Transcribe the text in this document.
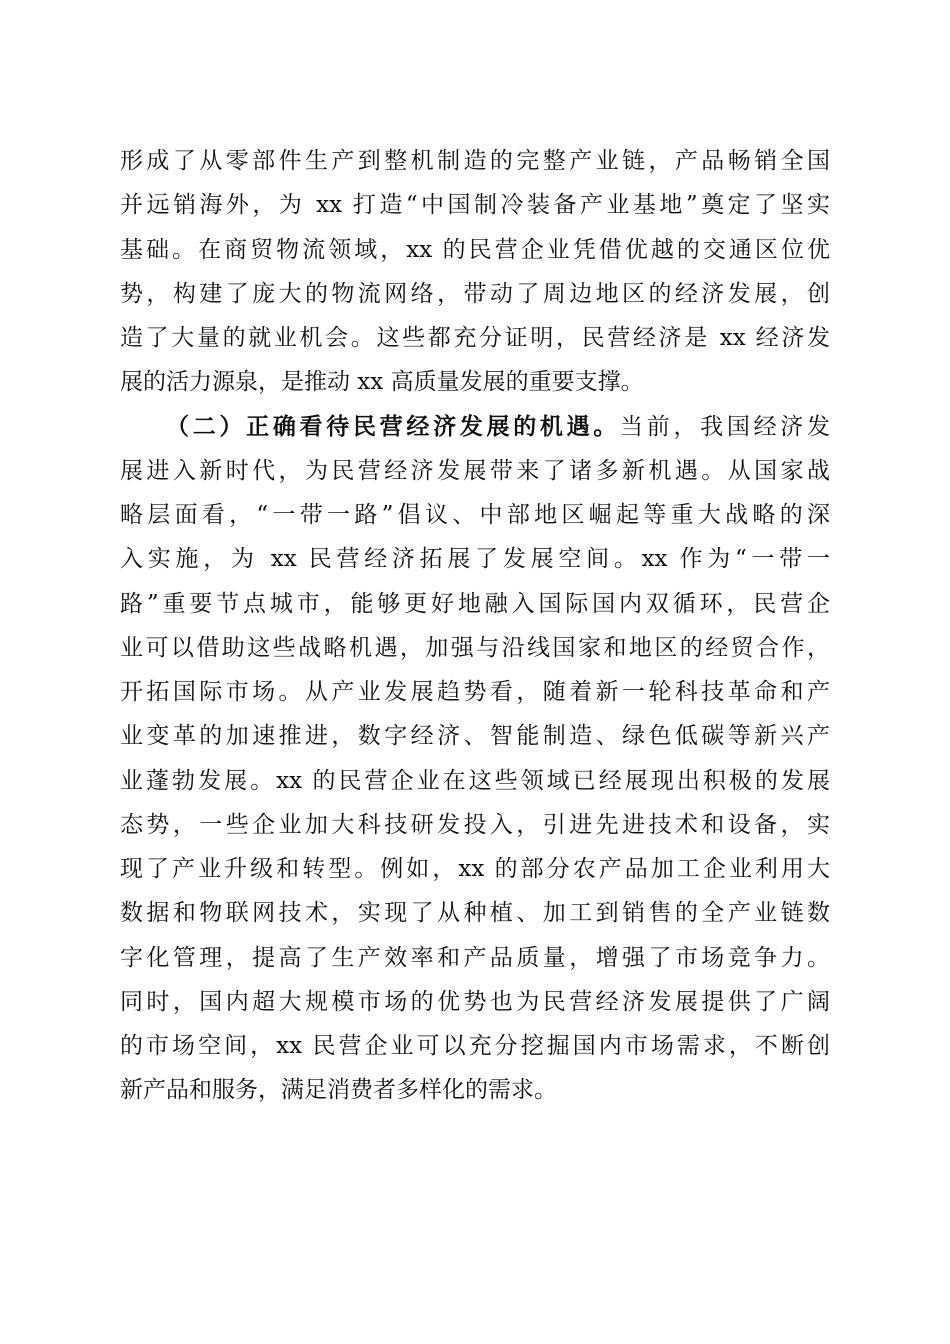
形成了从零部件生产到整机制造的完整产业链，产品畅销全国
并远销海外，为 xx 打造“中国制冷装备产业基地”奠定了坚实
基础。在商贸物流领域，xx 的民营企业凭借优越的交通区位优
势，构建了庞大的物流网络，带动了周边地区的经济发展，创
造了大量的就业机会。这些都充分证明，民营经济是 xx 经济发
展的活力源泉，是推动 xx 高质量发展的重要支撑。
（二）正确看待民营经济发展的机遇。当前，我国经济发
展进入新时代，为民营经济发展带来了诸多新机遇。从国家战
略层面看，“一带一路”倡议、中部地区崛起等重大战略的深
入实施，为 xx 民营经济拓展了发展空间。xx 作为“一带一
路”重要节点城市，能够更好地融入国际国内双循环，民营企
业可以借助这些战略机遇，加强与沿线国家和地区的经贸合作，
开拓国际市场。从产业发展趋势看，随着新一轮科技革命和产
业变革的加速推进，数字经济、智能制造、绿色低碳等新兴产
业蓬勃发展。xx 的民营企业在这些领域已经展现出积极的发展
态势，一些企业加大科技研发投入，引进先进技术和设备，实
现了产业升级和转型。例如，xx 的部分农产品加工企业利用大
数据和物联网技术，实现了从种植、加工到销售的全产业链数
字化管理，提高了生产效率和产品质量，增强了市场竞争力。
同时，国内超大规模市场的优势也为民营经济发展提供了广阔
的市场空间，xx 民营企业可以充分挖掘国内市场需求，不断创
新产品和服务，满足消费者多样化的需求。
